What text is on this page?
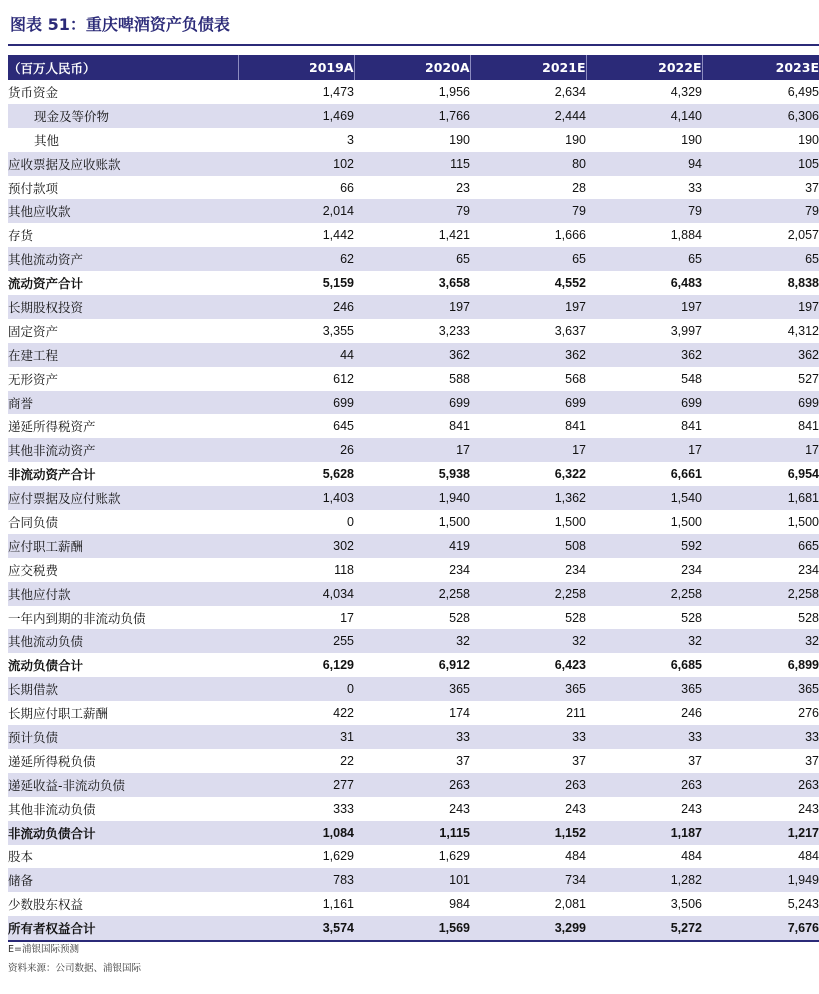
图表 51：重庆啤酒资产负债表
（百万人民币）	2019A	2020A	2021E	2022E	2023E
货币资金	1,473	1,956	2,634	4,329	6,495
现金及等价物	1,469	1,766	2,444	4,140	6,306
其他	3	190	190	190	190
应收票据及应收账款	102	115	80	94	105
预付款项	66	23	28	33	37
其他应收款	2,014	79	79	79	79
存货	1,442	1,421	1,666	1,884	2,057
其他流动资产	62	65	65	65	65
流动资产合计	5,159	3,658	4,552	6,483	8,838
长期股权投资	246	197	197	197	197
固定资产	3,355	3,233	3,637	3,997	4,312
在建工程	44	362	362	362	362
无形资产	612	588	568	548	527
商誉	699	699	699	699	699
递延所得税资产	645	841	841	841	841
其他非流动资产	26	17	17	17	17
非流动资产合计	5,628	5,938	6,322	6,661	6,954
应付票据及应付账款	1,403	1,940	1,362	1,540	1,681
合同负债	0	1,500	1,500	1,500	1,500
应付职工薪酬	302	419	508	592	665
应交税费	118	234	234	234	234
其他应付款	4,034	2,258	2,258	2,258	2,258
一年内到期的非流动负债	17	528	528	528	528
其他流动负债	255	32	32	32	32
流动负债合计	6,129	6,912	6,423	6,685	6,899
长期借款	0	365	365	365	365
长期应付职工薪酬	422	174	211	246	276
预计负债	31	33	33	33	33
递延所得税负债	22	37	37	37	37
递延收益-非流动负债	277	263	263	263	263
其他非流动负债	333	243	243	243	243
非流动负债合计	1,084	1,115	1,152	1,187	1,217
股本	1,629	1,629	484	484	484
储备	783	101	734	1,282	1,949
少数股东权益	1,161	984	2,081	3,506	5,243
所有者权益合计	3,574	1,569	3,299	5,272	7,676
E=浦银国际预测
资料来源：公司数据、浦银国际
